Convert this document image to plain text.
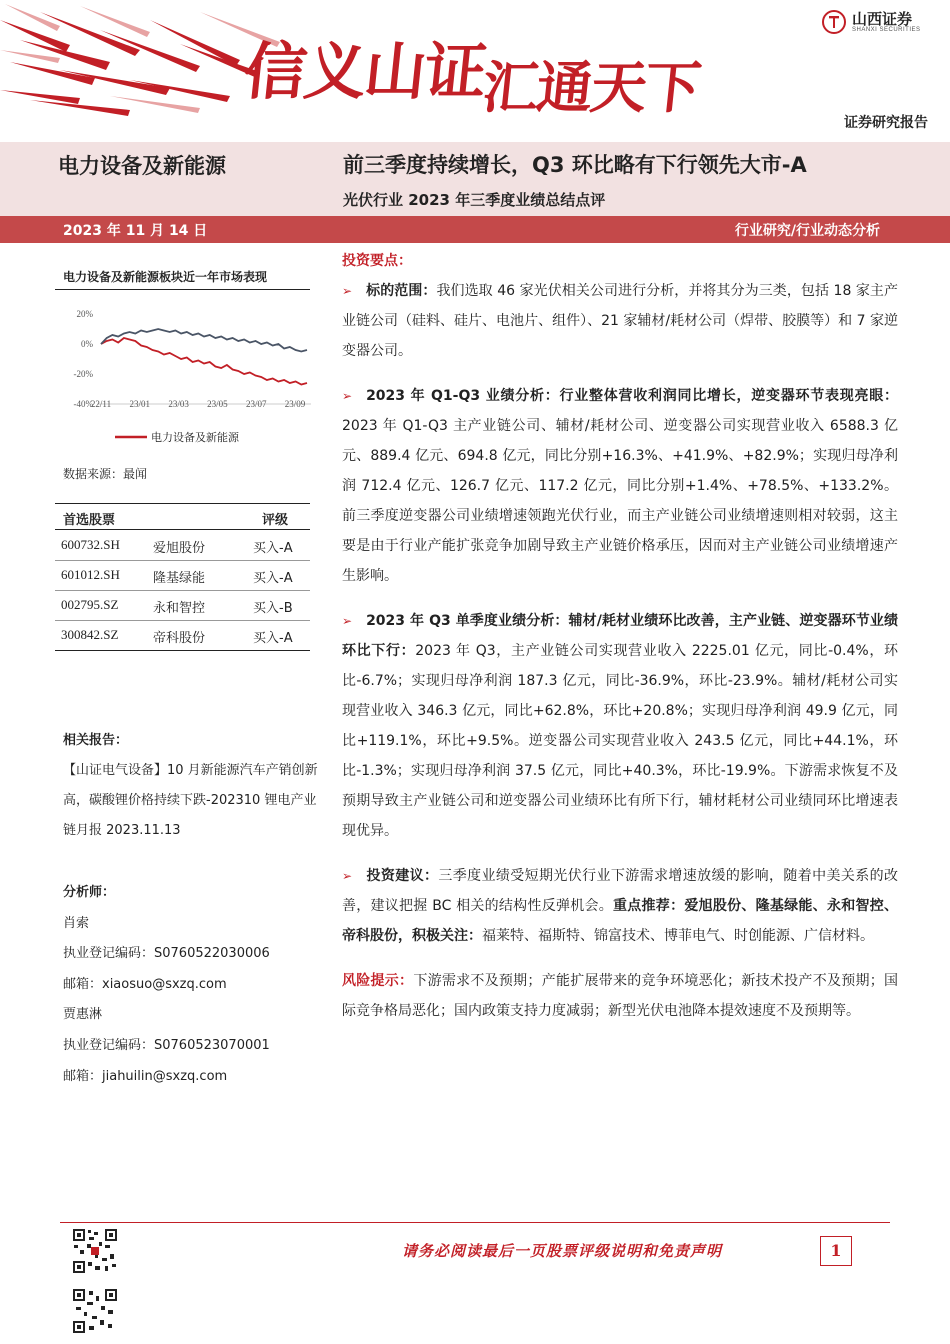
信义山证汇通天下
山西证券
SHANXI SECURITIES
证券研究报告
电力设备及新能源	前三季度持续增长，Q3 环比略有下行领先大市-A
光伏行业 2023 年三季度业绩总结点评
2023 年 11 月 14 日	行业研究/行业动态分析
电力设备及新能源板块近一年市场表现
20%
0%
-20%
-40%
22/11 23/01 23/03 23/05 23/07 23/09
电力设备及新能源
数据来源：最闻
首选股票	评级
600732.SH	爱旭股份	买入-A
601012.SH	隆基绿能	买入-A
002795.SZ	永和智控	买入-B
300842.SZ	帝科股份	买入-A
相关报告：
【山证电气设备】10 月新能源汽车产销创新高，碳酸锂价格持续下跌-202310 锂电产业链月报 2023.11.13
分析师：
肖索
执业登记编码：S0760522030006
邮箱：xiaosuo@sxzq.com
贾惠淋
执业登记编码：S0760523070001
邮箱：jiahuilin@sxzq.com

投资要点：

➢ 标的范围：我们选取 46 家光伏相关公司进行分析，并将其分为三类，包括 18 家主产业链公司（硅料、硅片、电池片、组件）、21 家辅材/耗材公司（焊带、胶膜等）和 7 家逆变器公司。

➢ 2023 年 Q1-Q3 业绩分析：行业整体营收利润同比增长，逆变器环节表现亮眼：2023 年 Q1-Q3 主产业链公司、辅材/耗材公司、逆变器公司实现营业收入 6588.3 亿元、889.4 亿元、694.8 亿元，同比分别+16.3%、+41.9%、+82.9%；实现归母净利润 712.4 亿元、126.7 亿元、117.2 亿元，同比分别+1.4%、+78.5%、+133.2%。前三季度逆变器公司业绩增速领跑光伏行业，而主产业链公司业绩增速则相对较弱，这主要是由于行业产能扩张竞争加剧导致主产业链价格承压，因而对主产业链公司业绩增速产生影响。

➢ 2023 年 Q3 单季度业绩分析：辅材/耗材业绩环比改善，主产业链、逆变器环节业绩环比下行：2023 年 Q3，主产业链公司实现营业收入 2225.01 亿元，同比-0.4%，环比-6.7%；实现归母净利润 187.3 亿元，同比-36.9%，环比-23.9%。辅材/耗材公司实现营业收入 346.3 亿元，同比+62.8%，环比+20.8%；实现归母净利润 49.9 亿元，同比+119.1%，环比+9.5%。逆变器公司实现营业收入 243.5 亿元，同比+44.1%，环比-1.3%；实现归母净利润 37.5 亿元，同比+40.3%，环比-19.9%。下游需求恢复不及预期导致主产业链公司和逆变器公司业绩环比有所下行，辅材耗材公司业绩同环比增速表现优异。

➢ 投资建议：三季度业绩受短期光伏行业下游需求增速放缓的影响，随着中美关系的改善，建议把握 BC 相关的结构性反弹机会。重点推荐：爱旭股份、隆基绿能、永和智控、帝科股份，积极关注：福莱特、福斯特、锦富技术、博菲电气、时创能源、广信材料。

风险提示：下游需求不及预期；产能扩展带来的竞争环境恶化；新技术投产不及预期；国际竞争格局恶化；国内政策支持力度减弱；新型光伏电池降本提效速度不及预期等。

请务必阅读最后一页股票评级说明和免责声明	1
